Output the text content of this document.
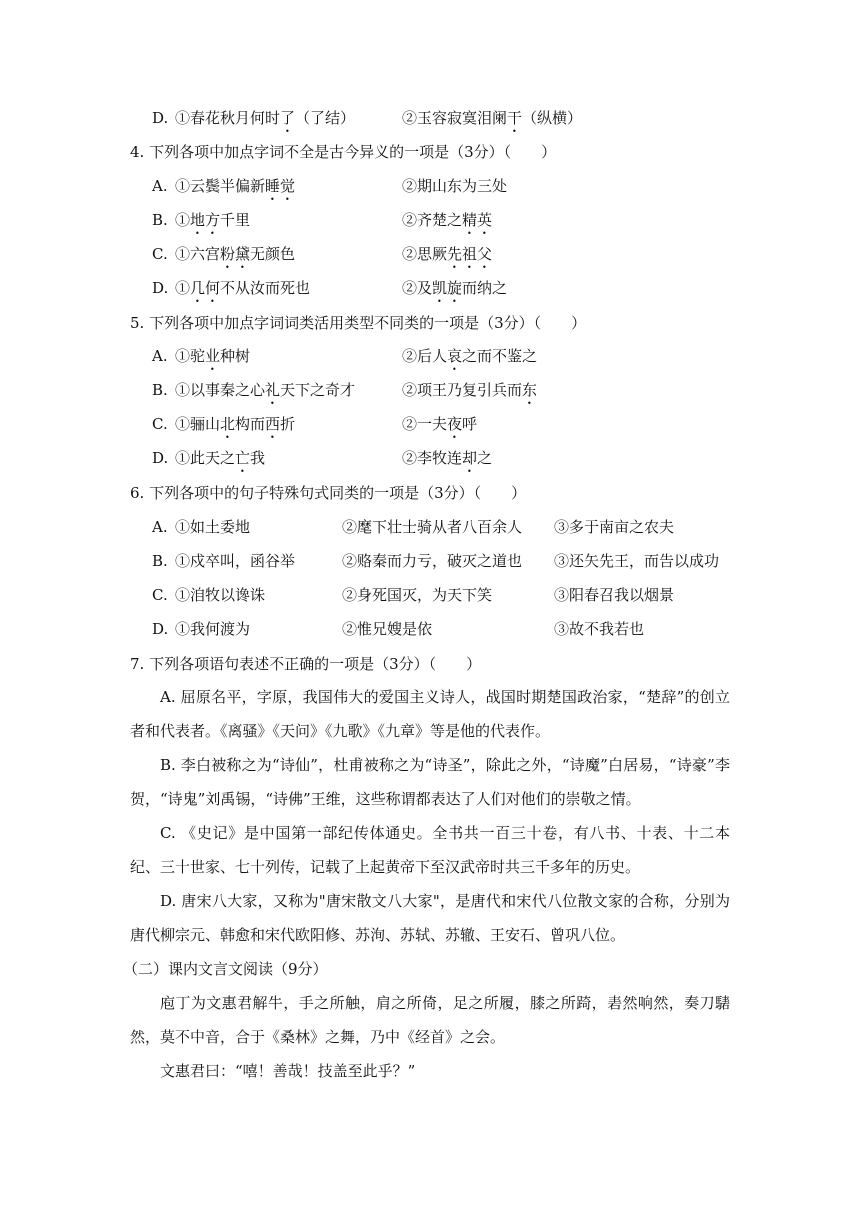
D. ①春花秋月何时了（了结）	②玉容寂寞泪阑干（纵横）
4. 下列各项中加点字词不全是古今异义的一项是（3分）（　　）
A. ①云鬓半偏新睡觉	②期山东为三处
B. ①地方千里	②齐楚之精英
C. ①六宫粉黛无颜色	②思厥先祖父
D. ①几何不从汝而死也	②及凯旋而纳之
5. 下列各项中加点字词词类活用类型不同类的一项是（3分）（　　）
A. ①驼业种树	②后人哀之而不鉴之
B. ①以事秦之心礼天下之奇才	②项王乃复引兵而东
C. ①骊山北构而西折	②一夫夜呼
D. ①此天之亡我	②李牧连却之
6. 下列各项中的句子特殊句式同类的一项是（3分）（　　）
A. ①如土委地	②麾下壮士骑从者八百余人 ③多于南亩之农夫
B. ①戍卒叫，函谷举	②赂秦而力亏，破灭之道也 ③还矢先王，而告以成功
C. ①洎牧以谗诛	②身死国灭，为天下笑	③阳春召我以烟景
D. ①我何渡为	②惟兄嫂是依	③故不我若也
7. 下列各项语句表述不正确的一项是（3分）（　　）

A. 屈原名平，字原，我国伟大的爱国主义诗人，战国时期楚国政治家，“楚辞”的创立者和代表者。《离骚》《天问》《九歌》《九章》等是他的代表作。

B. 李白被称之为“诗仙”，杜甫被称之为“诗圣”，除此之外，“诗魔”白居易，“诗豪”李贺，“诗鬼”刘禹锡，“诗佛”王维，这些称谓都表达了人们对他们的崇敬之情。

C. 《史记》是中国第一部纪传体通史。全书共一百三十卷，有八书、十表、十二本纪、三十世家、七十列传，记载了上起黄帝下至汉武帝时共三千多年的历史。

D. 唐宋八大家，又称为"唐宋散文八大家"，是唐代和宋代八位散文家的合称，分别为唐代柳宗元、韩愈和宋代欧阳修、苏洵、苏轼、苏辙、王安石、曾巩八位。

（二）课内文言文阅读（9分）

庖丁为文惠君解牛，手之所触，肩之所倚，足之所履，膝之所踦，砉然响然，奏刀騞然，莫不中音，合于《桑林》之舞，乃中《经首》之会。

文惠君曰：“嘻！善哉！技盖至此乎？”
